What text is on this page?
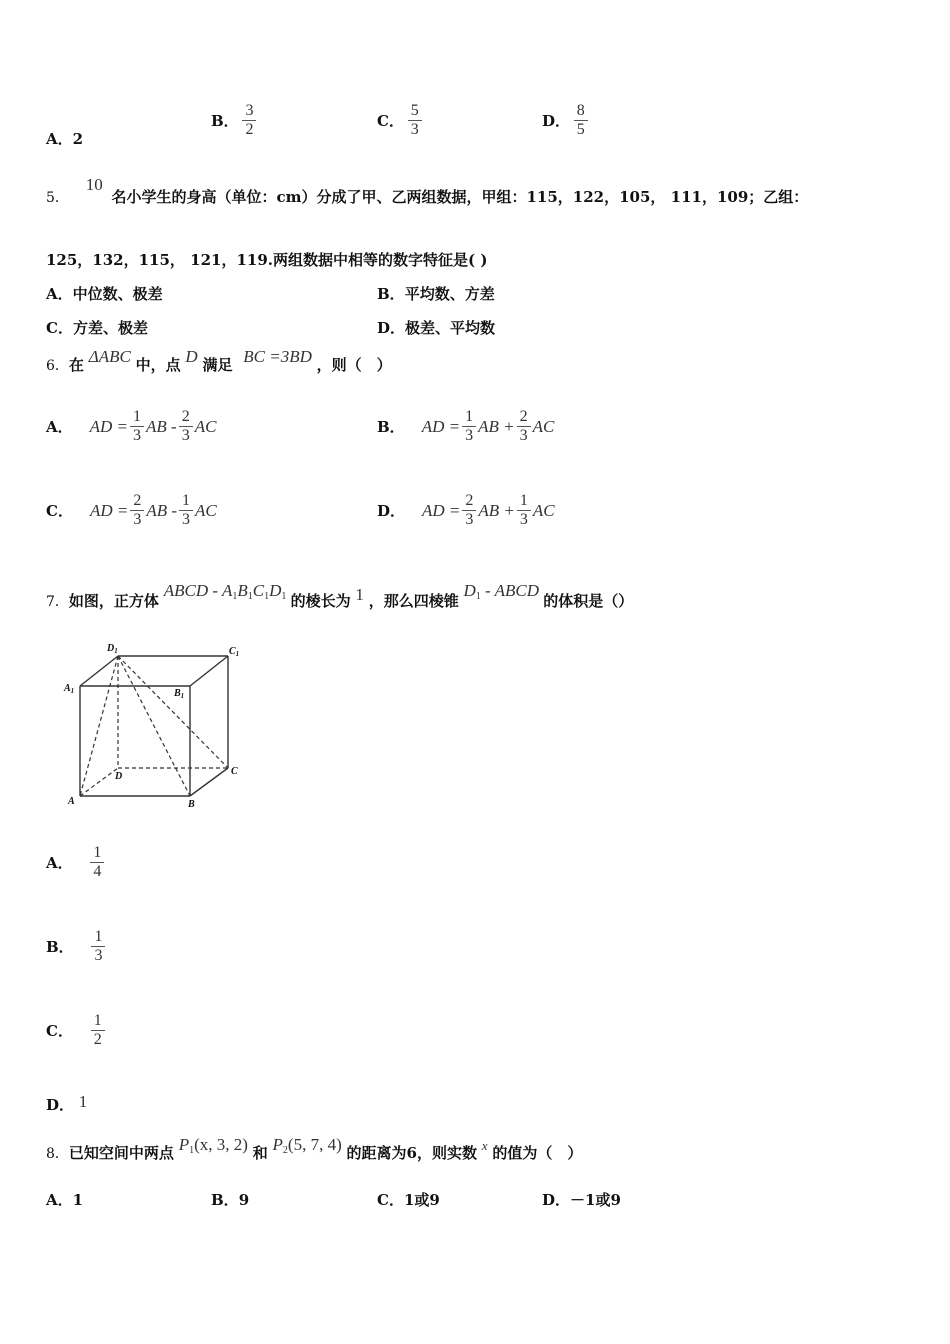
A．2
B． $\frac{3}{2}$	C． $\frac{5}{3}$	D． $\frac{8}{5}$
5． 10 名小学生的身高（单位：cm）分成了甲、乙两组数据，甲组：115，122，105， 111，109；乙组：
125，132，115， 121，119.两组数据中相等的数字特征是( )
A．中位数、极差	B．平均数、方差
C．方差、极差	D．极差、平均数
6．在 ΔABC 中，点 D 满足 BC =3BD ，则（　）
A． AD = $\frac{1}{3}$ AB - $\frac{2}{3}$ AC	B． AD = $\frac{1}{3}$ AB + $\frac{2}{3}$ AC
C． AD = $\frac{2}{3}$ AB - $\frac{1}{3}$ AC	D． AD = $\frac{2}{3}$ AB + $\frac{1}{3}$ AC
7．如图，正方体 ABCD - $A_1B_1C_1D_1$ 的棱长为 1 ，那么四棱锥 $D_1$ - ABCD 的体积是（）
$D_1$	$C_1$
$A_1$	$B_1$
D	C
A	B
A． $\frac{1}{4}$
B． $\frac{1}{3}$
C． $\frac{1}{2}$
D． 1
8．已知空间中两点 $P_1(x$, 3, 2) 和 $P_2(5$, 7, 4) 的距离为6，则实数 x 的值为（　）
A．1	B．9	C．1或9	D．－1或9
